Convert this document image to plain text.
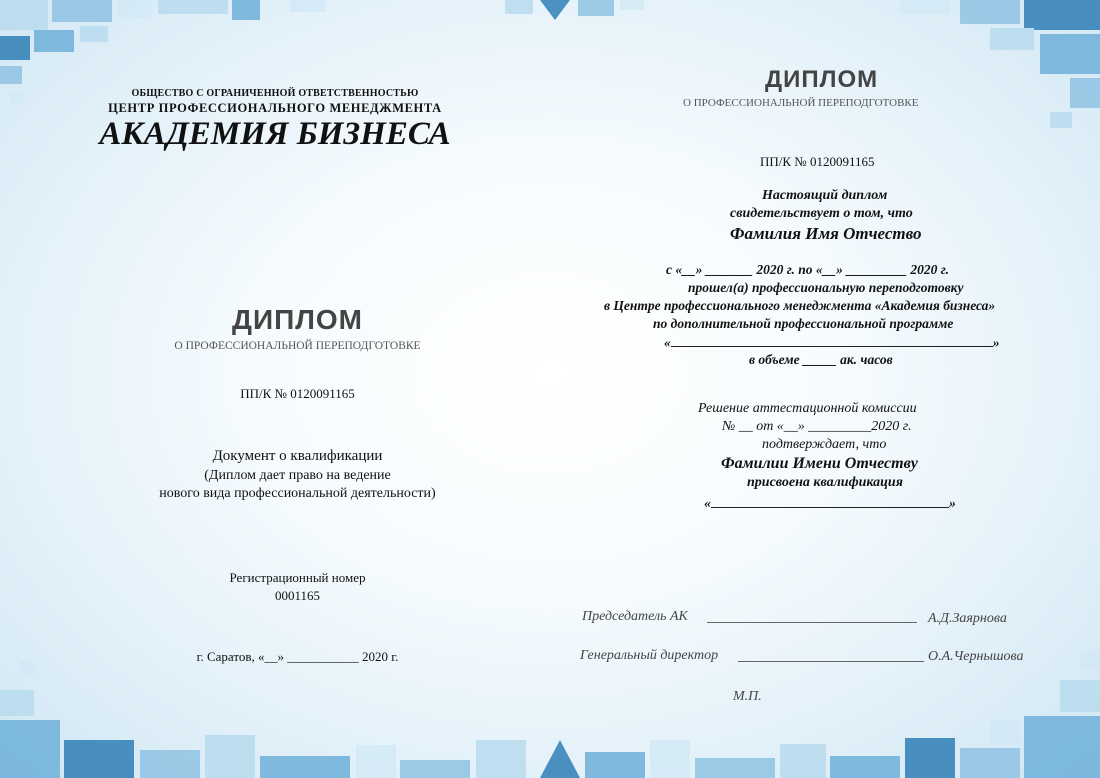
ОБЩЕСТВО С ОГРАНИЧЕННОЙ ОТВЕТСТВЕННОСТЬЮ
ЦЕНТР ПРОФЕССИОНАЛЬНОГО МЕНЕДЖМЕНТА
АКАДЕМИЯ БИЗНЕСА
ДИПЛОМ
О ПРОФЕССИОНАЛЬНОЙ ПЕРЕПОДГОТОВКЕ
ПП/К № 0120091165
Документ о квалификации
(Диплом дает право на ведение
нового вида профессиональной деятельности)
Регистрационный номер
0001165
г. Саратов, «__» ___________ 2020 г.
ДИПЛОМ
О ПРОФЕССИОНАЛЬНОЙ ПЕРЕПОДГОТОВКЕ
ПП/К № 0120091165
Настоящий диплом
свидетельствует о том, что
Фамилия Имя Отчество
с «__» _______ 2020 г. по «__» _________ 2020 г.
прошел(а) профессиональную переподготовку
в Центре профессионального менеджмента «Академия бизнеса»
по дополнительной профессиональной программе
«	»
в объеме _____ ак. часов
Решение аттестационной комиссии
№ __ от «__» _________2020 г.
подтверждает, что
Фамилии Имени Отчеству
присвоена квалификация
«	»
Председатель АК	А.Д.Заярнова
Генеральный директор	О.А.Чернышова
М.П.
